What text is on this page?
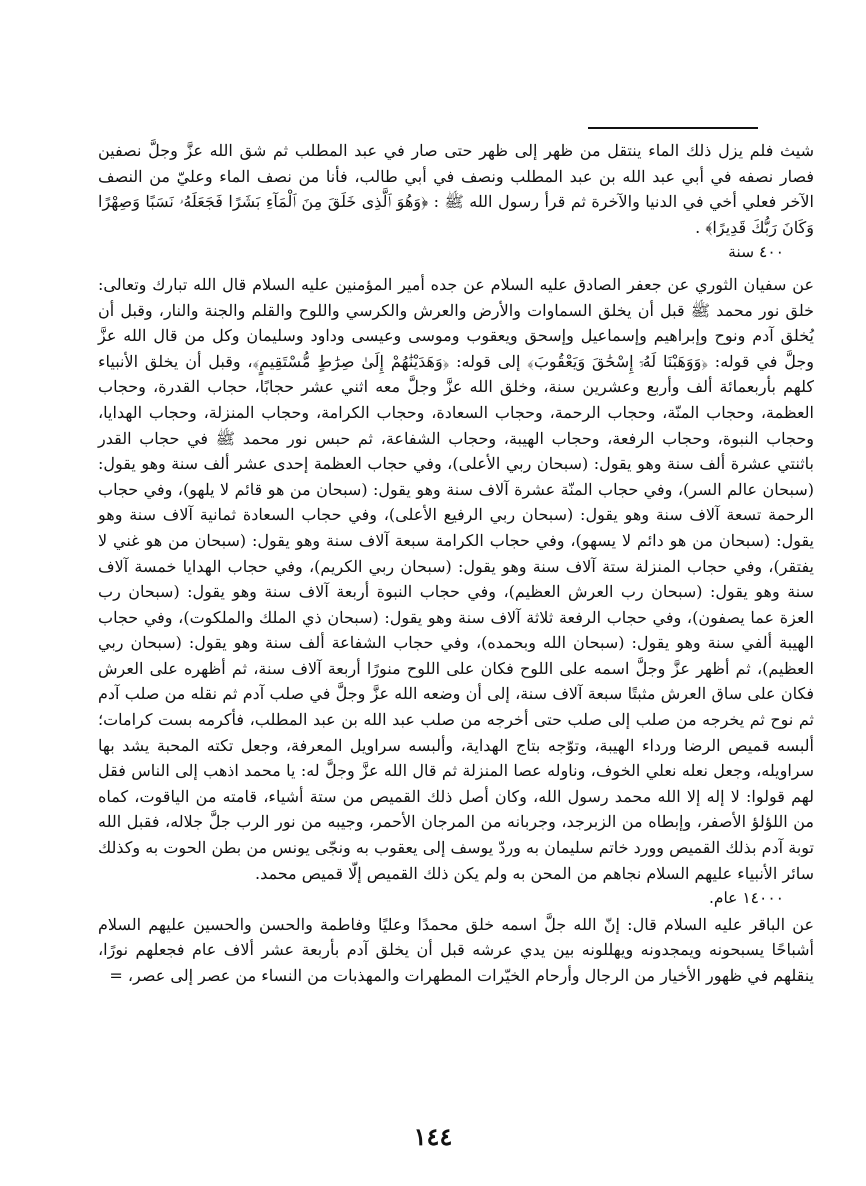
شيث فلم يزل ذلك الماء ينتقل من ظهر إلى ظهر حتى صار في عبد المطلب ثم شق الله عزَّ وجلَّ نصفين فصار نصفه في أبي عبد الله بن عبد المطلب ونصف في أبي طالب، فأنا من نصف الماء وعليّ من النصف الآخر فعلي أخي في الدنيا والآخرة ثم قرأ رسول الله ﷺ : ﴿وَهُوَ ٱلَّذِى خَلَقَ مِنَ ٱلْمَآءِ بَشَرًا فَجَعَلَهُۥ نَسَبًا وَصِهْرًا وَكَانَ رَبُّكَ قَدِيرًا﴾ .

٤٠٠ سنة

عن سفيان الثوري عن جعفر الصادق عليه السلام عن جده أمير المؤمنين عليه السلام قال الله تبارك وتعالى: خلق نور محمد ﷺ قبل أن يخلق السماوات والأرض والعرش والكرسي واللوح والقلم والجنة والنار، وقبل أن يُخلق آدم ونوح وإبراهيم وإسماعيل وإسحق ويعقوب وموسى وعيسى وداود وسليمان وكل من قال الله عزَّ وجلَّ في قوله: ﴿وَوَهَبْنَا لَهُۥٓ إِسْحَٰقَ وَيَعْقُوبَ﴾ إلى قوله: ﴿وَهَدَيْنَٰهُمْ إِلَىٰ صِرَٰطٍ مُّسْتَقِيمٍ﴾، وقبل أن يخلق الأنبياء كلهم بأربعمائة ألف وأربع وعشرين سنة، وخلق الله عزَّ وجلَّ معه اثني عشر حجابًا، حجاب القدرة، وحجاب العظمة، وحجاب المنّة، وحجاب الرحمة، وحجاب السعادة، وحجاب الكرامة، وحجاب المنزلة، وحجاب الهدايا، وحجاب النبوة، وحجاب الرفعة، وحجاب الهيبة، وحجاب الشفاعة، ثم حبس نور محمد ﷺ في حجاب القدر باثنتي عشرة ألف سنة وهو يقول: (سبحان ربي الأعلى)، وفي حجاب العظمة إحدى عشر ألف سنة وهو يقول: (سبحان عالم السر)، وفي حجاب المنّة عشرة آلاف سنة وهو يقول: (سبحان من هو قائم لا يلهو)، وفي حجاب الرحمة تسعة آلاف سنة وهو يقول: (سبحان ربي الرفيع الأعلى)، وفي حجاب السعادة ثمانية آلاف سنة وهو يقول: (سبحان من هو دائم لا يسهو)، وفي حجاب الكرامة سبعة آلاف سنة وهو يقول: (سبحان من هو غني لا يفتقر)، وفي حجاب المنزلة ستة آلاف سنة وهو يقول: (سبحان ربي الكريم)، وفي حجاب الهدايا خمسة آلاف سنة وهو يقول: (سبحان رب العرش العظيم)، وفي حجاب النبوة أربعة آلاف سنة وهو يقول: (سبحان رب العزة عما يصفون)، وفي حجاب الرفعة ثلاثة آلاف سنة وهو يقول: (سبحان ذي الملك والملكوت)، وفي حجاب الهيبة ألفي سنة وهو يقول: (سبحان الله وبحمده)، وفي حجاب الشفاعة ألف سنة وهو يقول: (سبحان ربي العظيم)، ثم أظهر عزَّ وجلَّ اسمه على اللوح فكان على اللوح منورًا أربعة آلاف سنة، ثم أظهره على العرش فكان على ساق العرش مثبتًا سبعة آلاف سنة، إلى أن وضعه الله عزَّ وجلَّ في صلب آدم ثم نقله من صلب آدم ثم نوح ثم يخرجه من صلب إلى صلب حتى أخرجه من صلب عبد الله بن عبد المطلب، فأكرمه بست كرامات؛ ألبسه قميص الرضا ورداء الهيبة، وتوّجه بتاج الهداية، وألبسه سراويل المعرفة، وجعل تكته المحبة يشد بها سراويله، وجعل نعله نعلي الخوف، وناوله عصا المنزلة ثم قال الله عزَّ وجلَّ له: يا محمد اذهب إلى الناس فقل لهم قولوا: لا إله إلا الله محمد رسول الله، وكان أصل ذلك القميص من ستة أشياء، قامته من الياقوت، كماه من اللؤلؤ الأصفر، وإبطاه من الزبرجد، وجربانه من المرجان الأحمر، وجيبه من نور الرب جلَّ جلاله، فقبل الله توبة آدم بذلك القميص وورد خاتم سليمان به وردّ يوسف إلى يعقوب به ونجّى يونس من بطن الحوت به وكذلك سائر الأنبياء عليهم السلام نجاهم من المحن به ولم يكن ذلك القميص إلّا قميص محمد.

١٤٠٠٠ عام.

عن الباقر عليه السلام قال: إنّ الله جلَّ اسمه خلق محمدًا وعليًا وفاطمة والحسن والحسين عليهم السلام أشباحًا يسبحونه ويمجدونه ويهللونه بين يدي عرشه قبل أن يخلق آدم بأربعة عشر ألاف عام فجعلهم نورًا، ينقلهم في ظهور الأخيار من الرجال وأرحام الخيّرات المطهرات والمهذبات من النساء من عصر إلى عصر، =

١٤٤
